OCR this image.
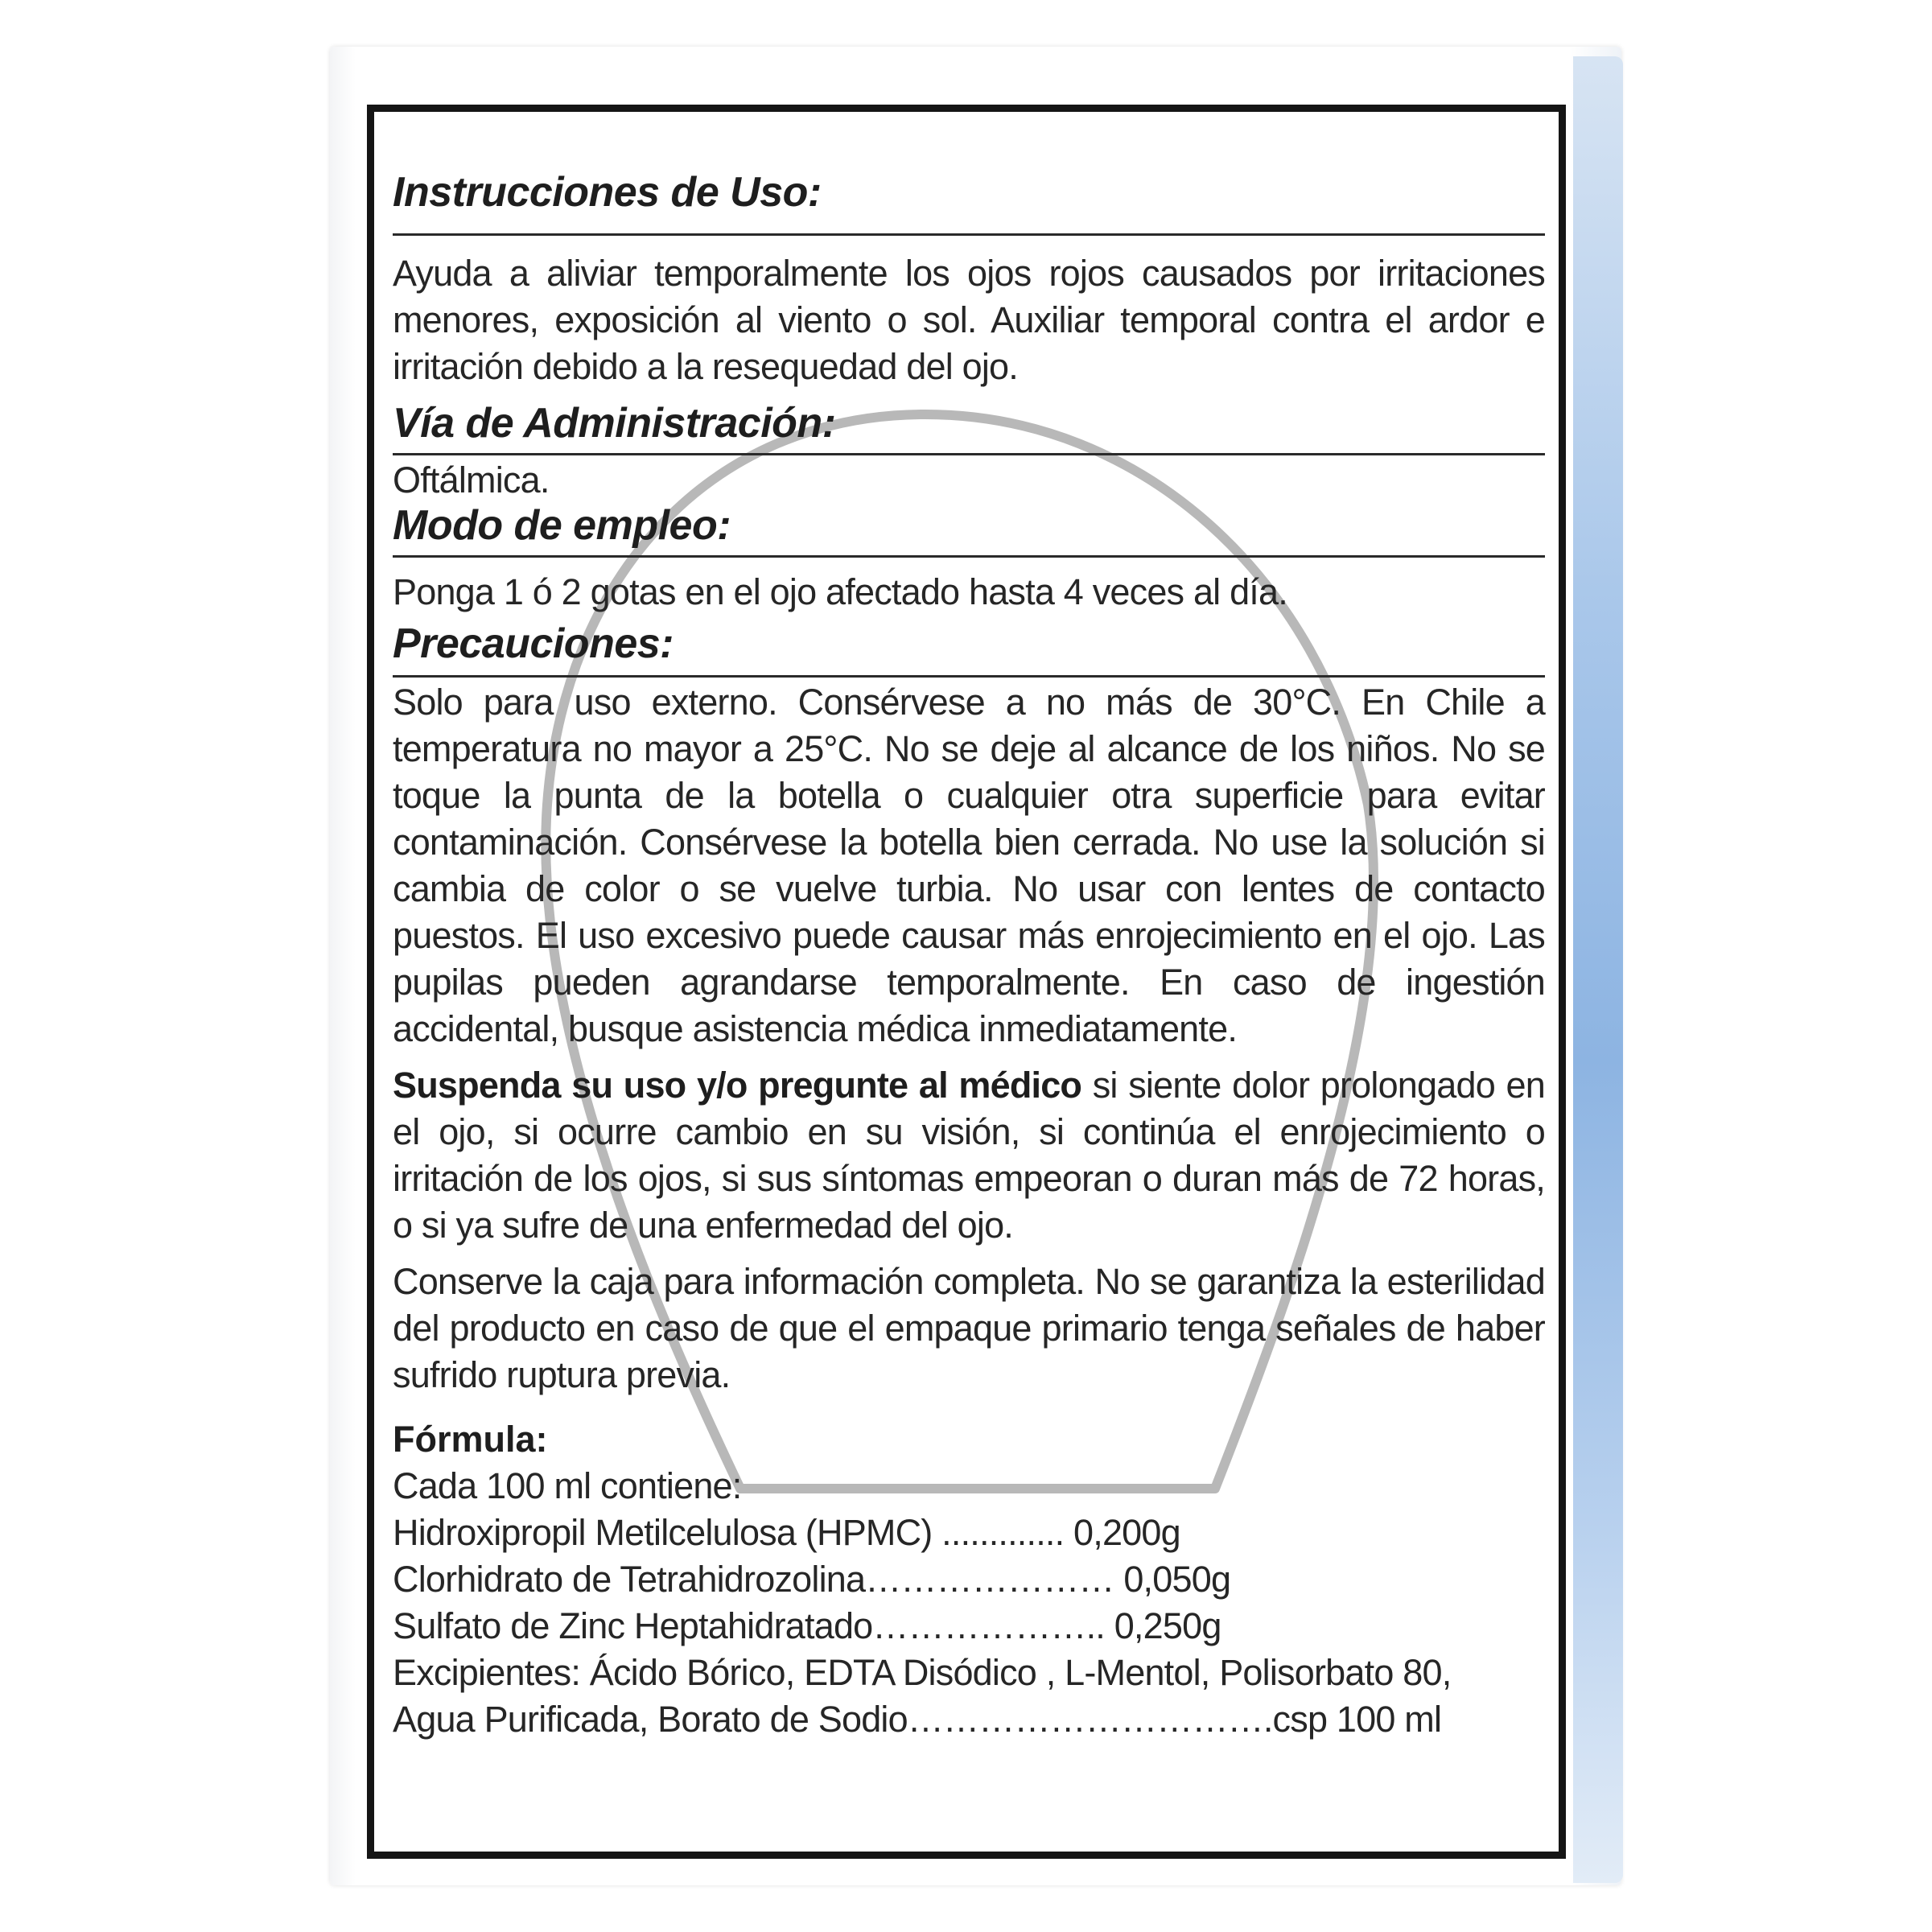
Instrucciones de Uso:
Ayuda a aliviar temporalmente los ojos rojos causados por irritaciones menores, exposición al viento o sol. Auxiliar temporal contra el ardor e irritación debido a la resequedad del ojo.
Vía de Administración:
Oftálmica.
Modo de empleo:
Ponga 1 ó 2 gotas en el ojo afectado hasta 4 veces al día.
Precauciones:
Solo para uso externo. Consérvese a no más de 30°C. En Chile a temperatura no mayor a 25°C. No se deje al alcance de los niños. No se toque la punta de la botella o cualquier otra superficie para evitar contaminación. Consérvese la botella bien cerrada. No use la solución si cambia de color o se vuelve turbia. No usar con lentes de contacto puestos. El uso excesivo puede causar más enrojecimiento en el ojo. Las pupilas pueden agrandarse temporalmente. En caso de ingestión accidental, busque asistencia médica inmediatamente.
Suspenda su uso y/o pregunte al médico si siente dolor prolongado en el ojo, si ocurre cambio en su visión, si continúa el enrojecimiento o irritación de los ojos, si sus síntomas empeoran o duran más de 72 horas, o si ya sufre de una enfermedad del ojo.
Conserve la caja para información completa. No se garantiza la esterilidad del producto en caso de que el empaque primario tenga señales de haber sufrido ruptura previa.
Fórmula:
Cada 100 ml contiene:
Hidroxipropil Metilcelulosa (HPMC) ............. 0,200g
Clorhidrato de Tetrahidrozolina………………… 0,050g
Sulfato de Zinc Heptahidratado……………….. 0,250g
Excipientes: Ácido Bórico, EDTA Disódico , L-Mentol, Polisorbato 80,
Agua Purificada, Borato de Sodio………………………….csp 100 ml
